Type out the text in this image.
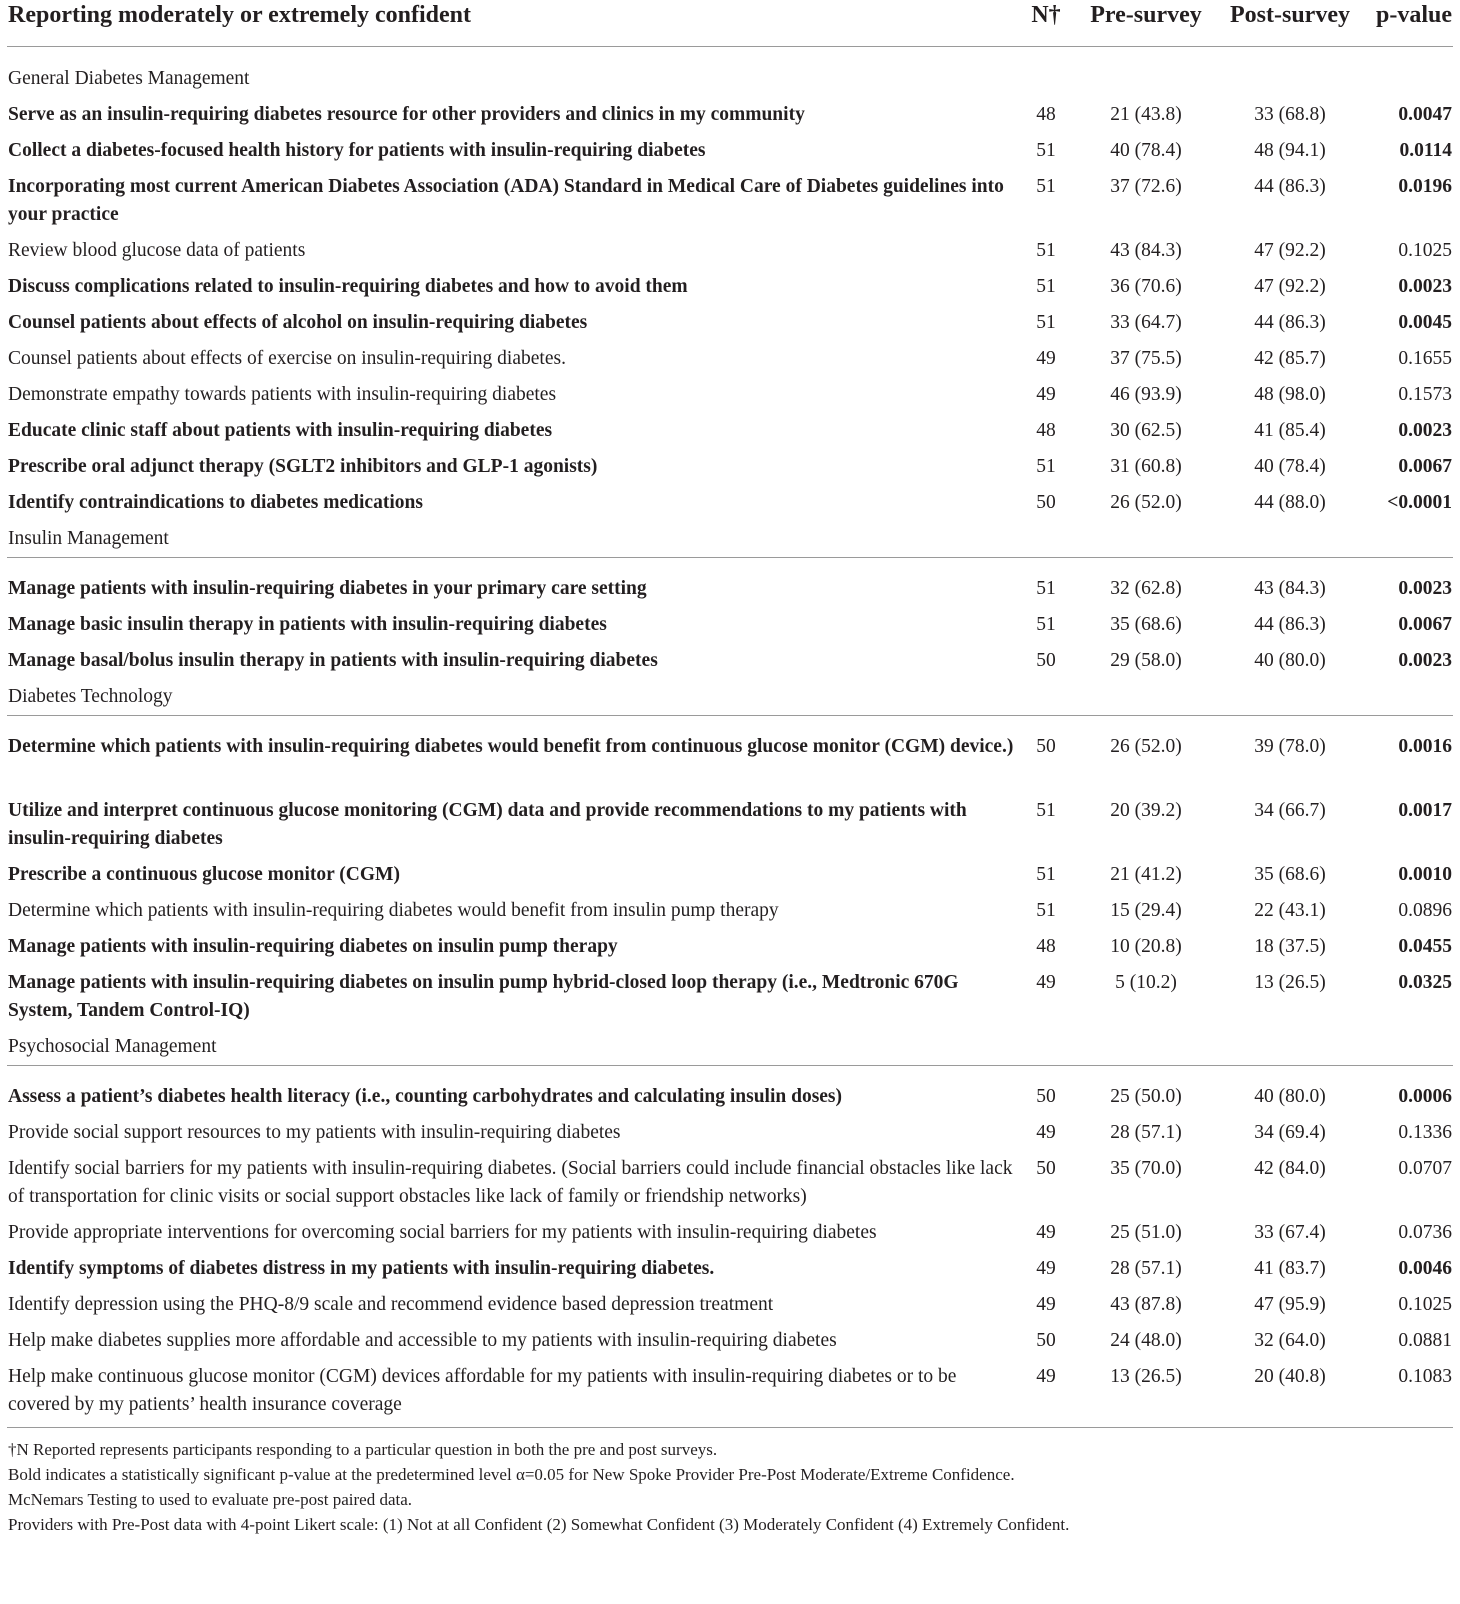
Reporting moderately or extremely confident	N†	Pre-survey	Post-survey	p-value
General Diabetes Management
Serve as an insulin-requiring diabetes resource for other providers and clinics in my community	48	21 (43.8)	33 (68.8)	0.0047
Collect a diabetes-focused health history for patients with insulin-requiring diabetes	51	40 (78.4)	48 (94.1)	0.0114
Incorporating most current American Diabetes Association (ADA) Standard in Medical Care of Diabetes guidelines into your practice
51	37 (72.6)	44 (86.3)	0.0196
Review blood glucose data of patients	51	43 (84.3)	47 (92.2)	0.1025
Discuss complications related to insulin-requiring diabetes and how to avoid them	51	36 (70.6)	47 (92.2)	0.0023
Counsel patients about effects of alcohol on insulin-requiring diabetes	51	33 (64.7)	44 (86.3)	0.0045
Counsel patients about effects of exercise on insulin-requiring diabetes.	49	37 (75.5)	42 (85.7)	0.1655
Demonstrate empathy towards patients with insulin-requiring diabetes	49	46 (93.9)	48 (98.0)	0.1573
Educate clinic staff about patients with insulin-requiring diabetes	48	30 (62.5)	41 (85.4)	0.0023
Prescribe oral adjunct therapy (SGLT2 inhibitors and GLP-1 agonists)	51	31 (60.8)	40 (78.4)	0.0067
Identify contraindications to diabetes medications	50	26 (52.0)	44 (88.0)	<0.0001
Insulin Management
Manage patients with insulin-requiring diabetes in your primary care setting	51	32 (62.8)	43 (84.3)	0.0023
Manage basic insulin therapy in patients with insulin-requiring diabetes	51	35 (68.6)	44 (86.3)	0.0067
Manage basal/bolus insulin therapy in patients with insulin-requiring diabetes	50	29 (58.0)	40 (80.0)	0.0023
Diabetes Technology
Determine which patients with insulin-requiring diabetes would benefit from continuous glucose monitor (CGM) device.)	50	26 (52.0)	39 (78.0)	0.0016
Utilize and interpret continuous glucose monitoring (CGM) data and provide recommendations to my patients with insulin-requiring diabetes
51	20 (39.2)	34 (66.7)	0.0017
Prescribe a continuous glucose monitor (CGM)	51	21 (41.2)	35 (68.6)	0.0010
Determine which patients with insulin-requiring diabetes would benefit from insulin pump therapy	51	15 (29.4)	22 (43.1)	0.0896
Manage patients with insulin-requiring diabetes on insulin pump therapy	48	10 (20.8)	18 (37.5)	0.0455
Manage patients with insulin-requiring diabetes on insulin pump hybrid-closed loop therapy (i.e., Medtronic 670G System, Tandem Control-IQ)
49	5 (10.2)	13 (26.5)	0.0325
Psychosocial Management
Assess a patient’s diabetes health literacy (i.e., counting carbohydrates and calculating insulin doses)	50	25 (50.0)	40 (80.0)	0.0006
Provide social support resources to my patients with insulin-requiring diabetes	49	28 (57.1)	34 (69.4)	0.1336
Identify social barriers for my patients with insulin-requiring diabetes. (Social barriers could include financial obstacles like lack of transportation for clinic visits or social support obstacles like lack of family or friendship networks)
50	35 (70.0)	42 (84.0)	0.0707
Provide appropriate interventions for overcoming social barriers for my patients with insulin-requiring diabetes	49	25 (51.0)	33 (67.4)	0.0736
Identify symptoms of diabetes distress in my patients with insulin-requiring diabetes.	49	28 (57.1)	41 (83.7)	0.0046
Identify depression using the PHQ-8/9 scale and recommend evidence based depression treatment	49	43 (87.8)	47 (95.9)	0.1025
Help make diabetes supplies more affordable and accessible to my patients with insulin-requiring diabetes	50	24 (48.0)	32 (64.0)	0.0881
Help make continuous glucose monitor (CGM) devices affordable for my patients with insulin-requiring diabetes or to be covered by my patients’ health insurance coverage
49	13 (26.5)	20 (40.8)	0.1083
†N Reported represents participants responding to a particular question in both the pre and post surveys.
Bold indicates a statistically significant p-value at the predetermined level α=0.05 for New Spoke Provider Pre-Post Moderate/Extreme Confidence.
McNemars Testing to used to evaluate pre-post paired data.
Providers with Pre-Post data with 4-point Likert scale: (1) Not at all Confident (2) Somewhat Confident (3) Moderately Confident (4) Extremely Confident.
